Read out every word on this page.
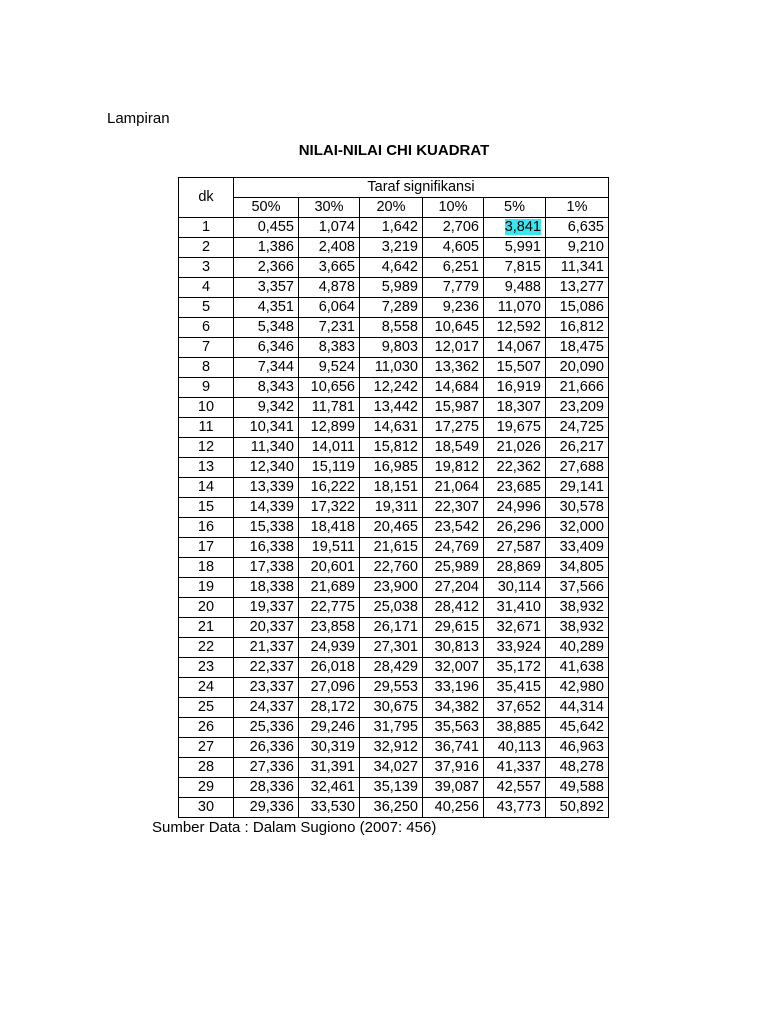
Lampiran
NILAI-NILAI CHI KUADRAT
dk	Taraf signifikansi					
	50%	30%	20%	10%	5%	1%
1	0,455	1,074	1,642	2,706	3,841	6,635
2	1,386	2,408	3,219	4,605	5,991	9,210
3	2,366	3,665	4,642	6,251	7,815	11,341
4	3,357	4,878	5,989	7,779	9,488	13,277
5	4,351	6,064	7,289	9,236	11,070	15,086
6	5,348	7,231	8,558	10,645	12,592	16,812
7	6,346	8,383	9,803	12,017	14,067	18,475
8	7,344	9,524	11,030	13,362	15,507	20,090
9	8,343	10,656	12,242	14,684	16,919	21,666
10	9,342	11,781	13,442	15,987	18,307	23,209
11	10,341	12,899	14,631	17,275	19,675	24,725
12	11,340	14,011	15,812	18,549	21,026	26,217
13	12,340	15,119	16,985	19,812	22,362	27,688
14	13,339	16,222	18,151	21,064	23,685	29,141
15	14,339	17,322	19,311	22,307	24,996	30,578
16	15,338	18,418	20,465	23,542	26,296	32,000
17	16,338	19,511	21,615	24,769	27,587	33,409
18	17,338	20,601	22,760	25,989	28,869	34,805
19	18,338	21,689	23,900	27,204	30,114	37,566
20	19,337	22,775	25,038	28,412	31,410	38,932
21	20,337	23,858	26,171	29,615	32,671	38,932
22	21,337	24,939	27,301	30,813	33,924	40,289
23	22,337	26,018	28,429	32,007	35,172	41,638
24	23,337	27,096	29,553	33,196	35,415	42,980
25	24,337	28,172	30,675	34,382	37,652	44,314
26	25,336	29,246	31,795	35,563	38,885	45,642
27	26,336	30,319	32,912	36,741	40,113	46,963
28	27,336	31,391	34,027	37,916	41,337	48,278
29	28,336	32,461	35,139	39,087	42,557	49,588
30	29,336	33,530	36,250	40,256	43,773	50,892
Sumber Data : Dalam Sugiono (2007: 456)
